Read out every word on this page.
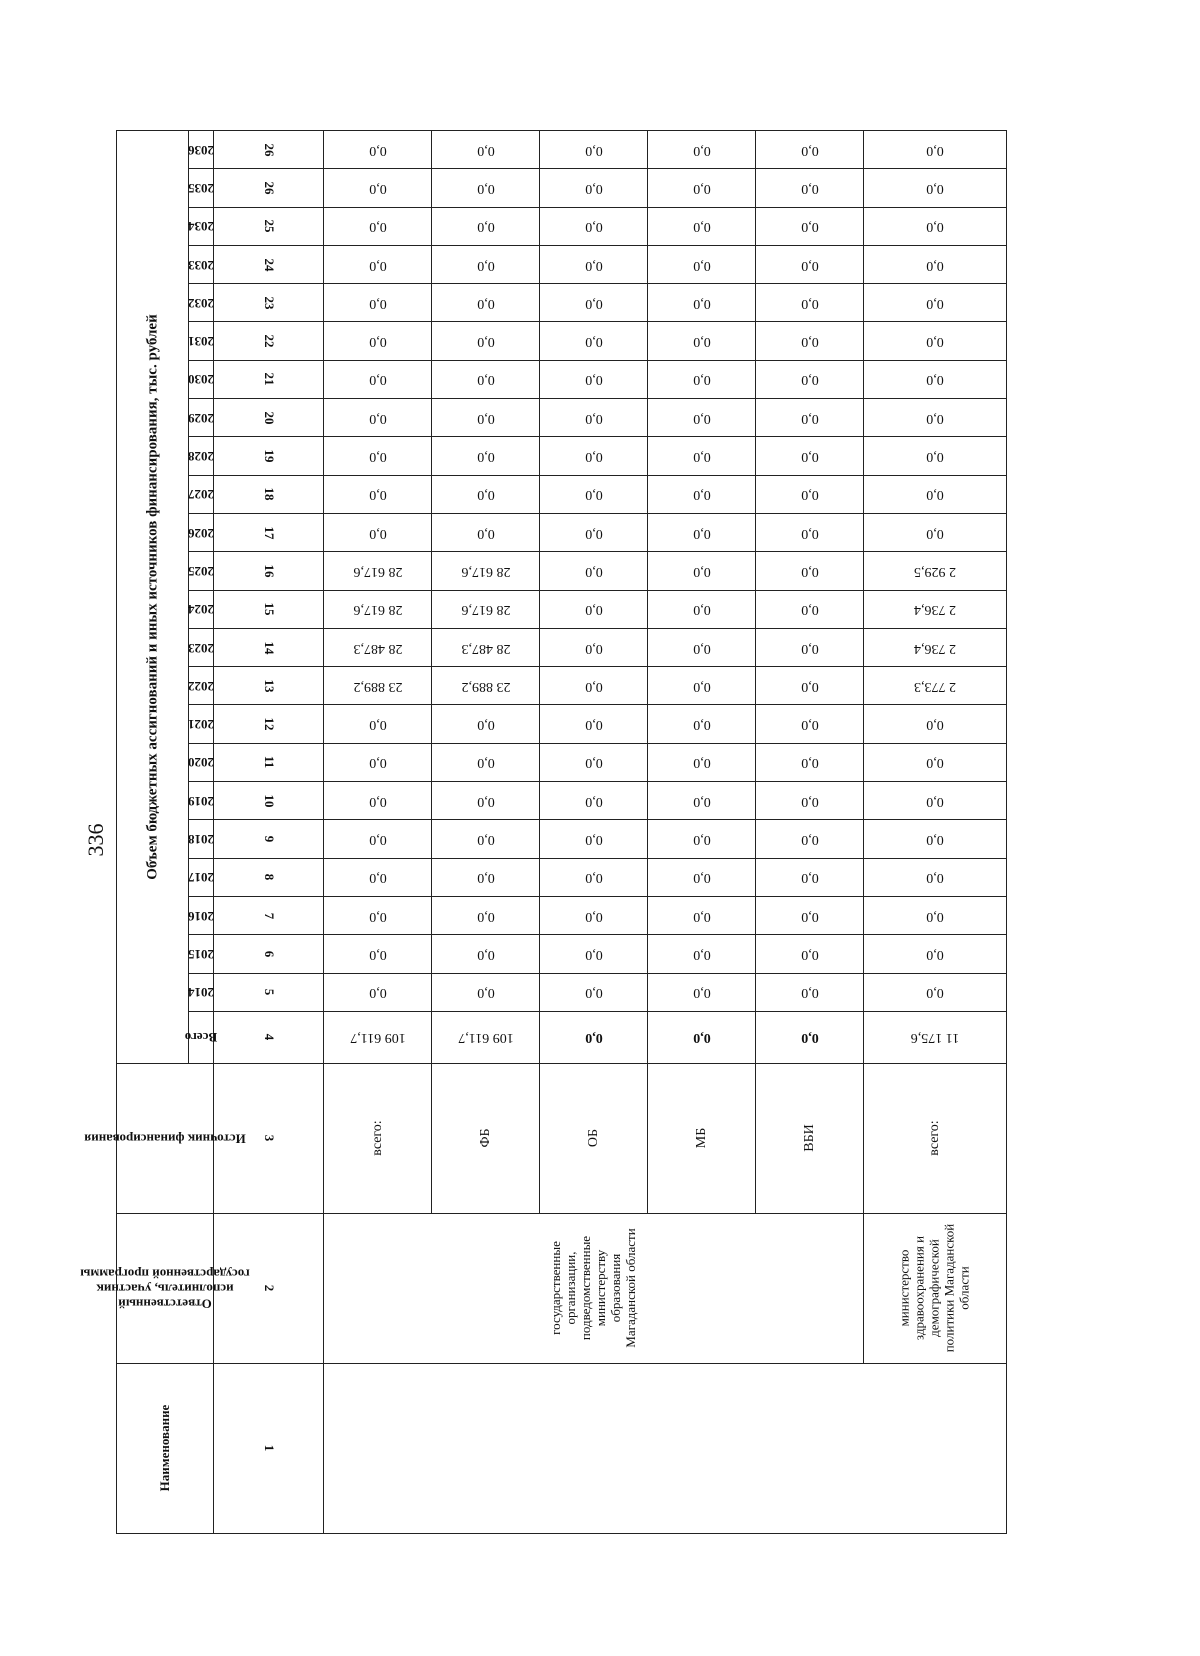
336 Объем бюджетных ассигнований и иных источников финансирования, тыс. рублей	2036	26	0,0	0,0	0,0	0,0	0,0	0,0

	2035	26	0,0	0,0	0,0	0,0	0,0	0,0

	2034	25	0,0	0,0	0,0	0,0	0,0	0,0

	2033	24	0,0	0,0	0,0	0,0	0,0	0,0

	2032	23	0,0	0,0	0,0	0,0	0,0	0,0

	2031	22	0,0	0,0	0,0	0,0	0,0	0,0

	2030	21	0,0	0,0	0,0	0,0	0,0	0,0

	2029	20	0,0	0,0	0,0	0,0	0,0	0,0

	2028	19	0,0	0,0	0,0	0,0	0,0	0,0

	2027	18	0,0	0,0	0,0	0,0	0,0	0,0

	2026	17	0,0	0,0	0,0	0,0	0,0	0,0

	2025	16	28 617,6	28 617,6	0,0	0,0	0,0	2 929,5

	2024	15	28 617,6	28 617,6	0,0	0,0	0,0	2 736,4

	2023	14	28 487,3	28 487,3	0,0	0,0	0,0	2 736,4

	2022	13	23 889,2	23 889,2	0,0	0,0	0,0	2 773,3

	2021	12	0,0	0,0	0,0	0,0	0,0	0,0

	2020	11	0,0	0,0	0,0	0,0	0,0	0,0

	2019	10	0,0	0,0	0,0	0,0	0,0	0,0

	2018	9	0,0	0,0	0,0	0,0	0,0	0,0

	2017	8	0,0	0,0	0,0	0,0	0,0	0,0

	2016	7	0,0	0,0	0,0	0,0	0,0	0,0

	2015	6	0,0	0,0	0,0	0,0	0,0	0,0

	2014	5	0,0	0,0	0,0	0,0	0,0	0,0

	Всего	4	109 611,7	109 611,7	0,0	0,0	0,0	11 175,6

Источник финансирования		3	всего:	ФБ	ОБ	МБ	ВБИ	всего:

Ответственный исполнитель, участник государственной программы		2	государственные организации, подведомственные министерству образования Магаданской области					министерство здравоохранения и демографической политики Магаданской области

Наименование		1						
